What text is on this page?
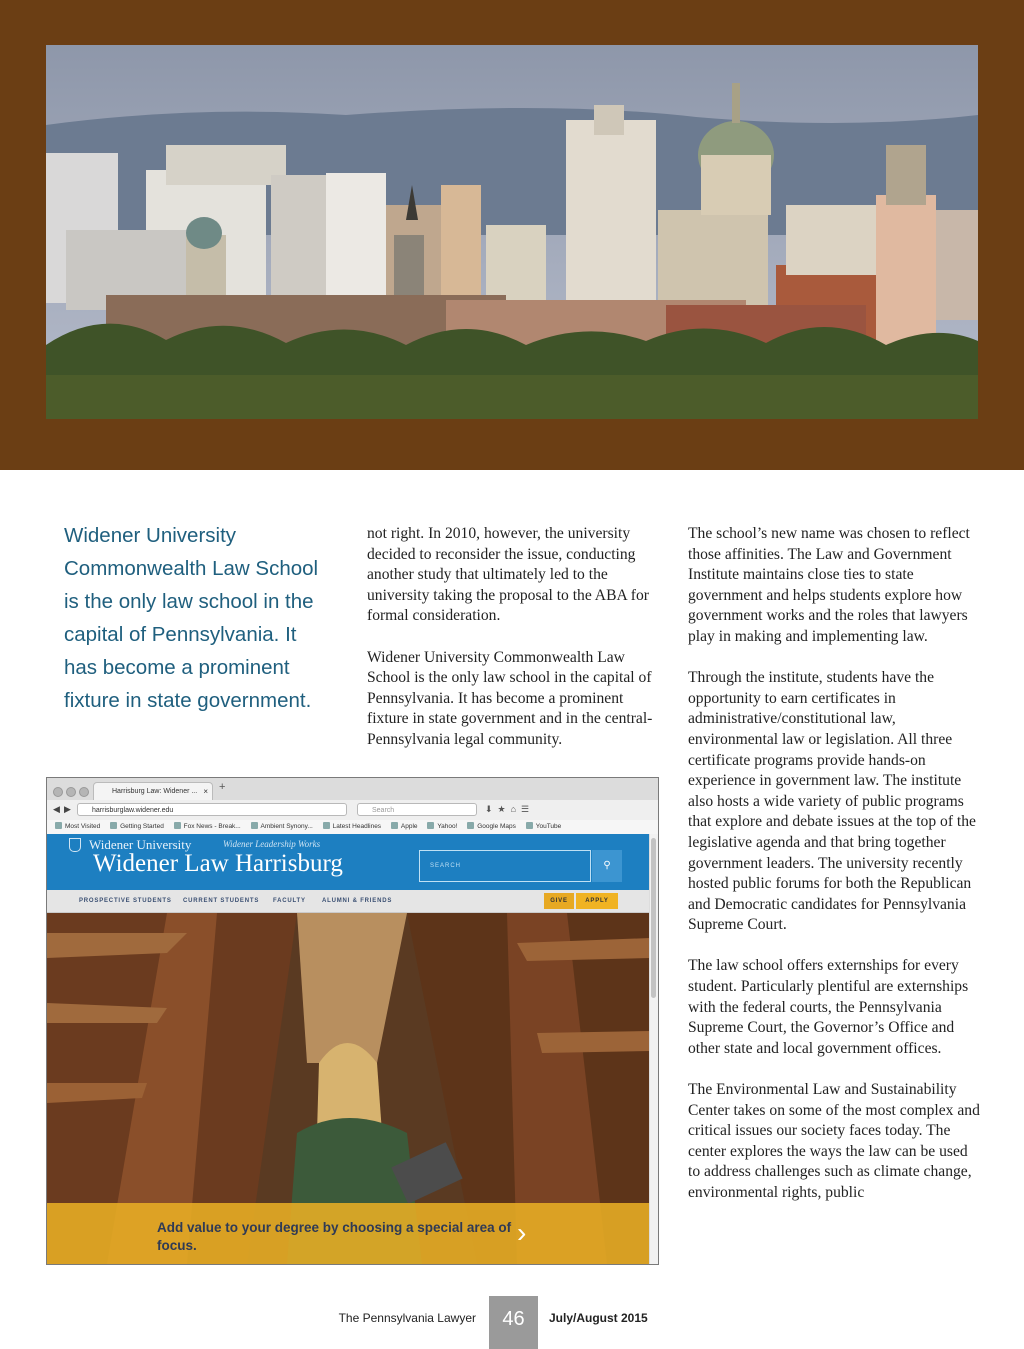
Widener University Commonwealth Law School is the only law school in the capital of Pennsylvania. It has become a prominent fixture in state government.

not right. In 2010, however, the university decided to reconsider the issue, conducting another study that ultimately led to the university taking the proposal to the ABA for formal consideration.

Widener University Commonwealth Law School is the only law school in the capital of Pennsylvania. It has become a prominent fixture in state government and in the central-Pennsylvania legal community.

The school’s new name was chosen to reflect those affinities. The Law and Government Institute maintains close ties to state government and helps students explore how government works and the roles that lawyers play in making and implementing law.

Through the institute, students have the opportunity to earn certificates in administrative/constitutional law, environmental law or legislation. All three certificate programs provide hands-on experience in government law. The institute also hosts a wide variety of public programs that explore and debate issues at the top of the legislative agenda and that bring together government leaders. The university recently hosted public forums for both the Republican and Democratic candidates for Pennsylvania Supreme Court.

The law school offers externships for every student. Particularly plentiful are externships with the federal courts, the Pennsylvania Supreme Court, the Governor’s Office and other state and local government offices.

The Environmental Law and Sustainability Center takes on some of the most complex and critical issues our society faces today. The center explores the ways the law can be used to address challenges such as climate change, environmental rights, public

Harrisburg Law: Widener ... × +
◀ ▶	harrisburglaw.widener.edu	Search	⬇★⌂☰
Most Visited	Getting Started	Fox News - Break...	Ambient Synony...	Latest Headlines	Apple	Yahoo!	Google Maps	YouTube
Widener University	Widener Leadership Works
Widener Law Harrisburg	SEARCH	⚲
PROSPECTIVE STUDENTS CURRENT STUDENTS FACULTY	ALUMNI & FRIENDS	GIVE	APPLY
Add value to your degree by choosing a special area of focus.	›
The Pennsylvania Lawyer	46	July/August 2015
